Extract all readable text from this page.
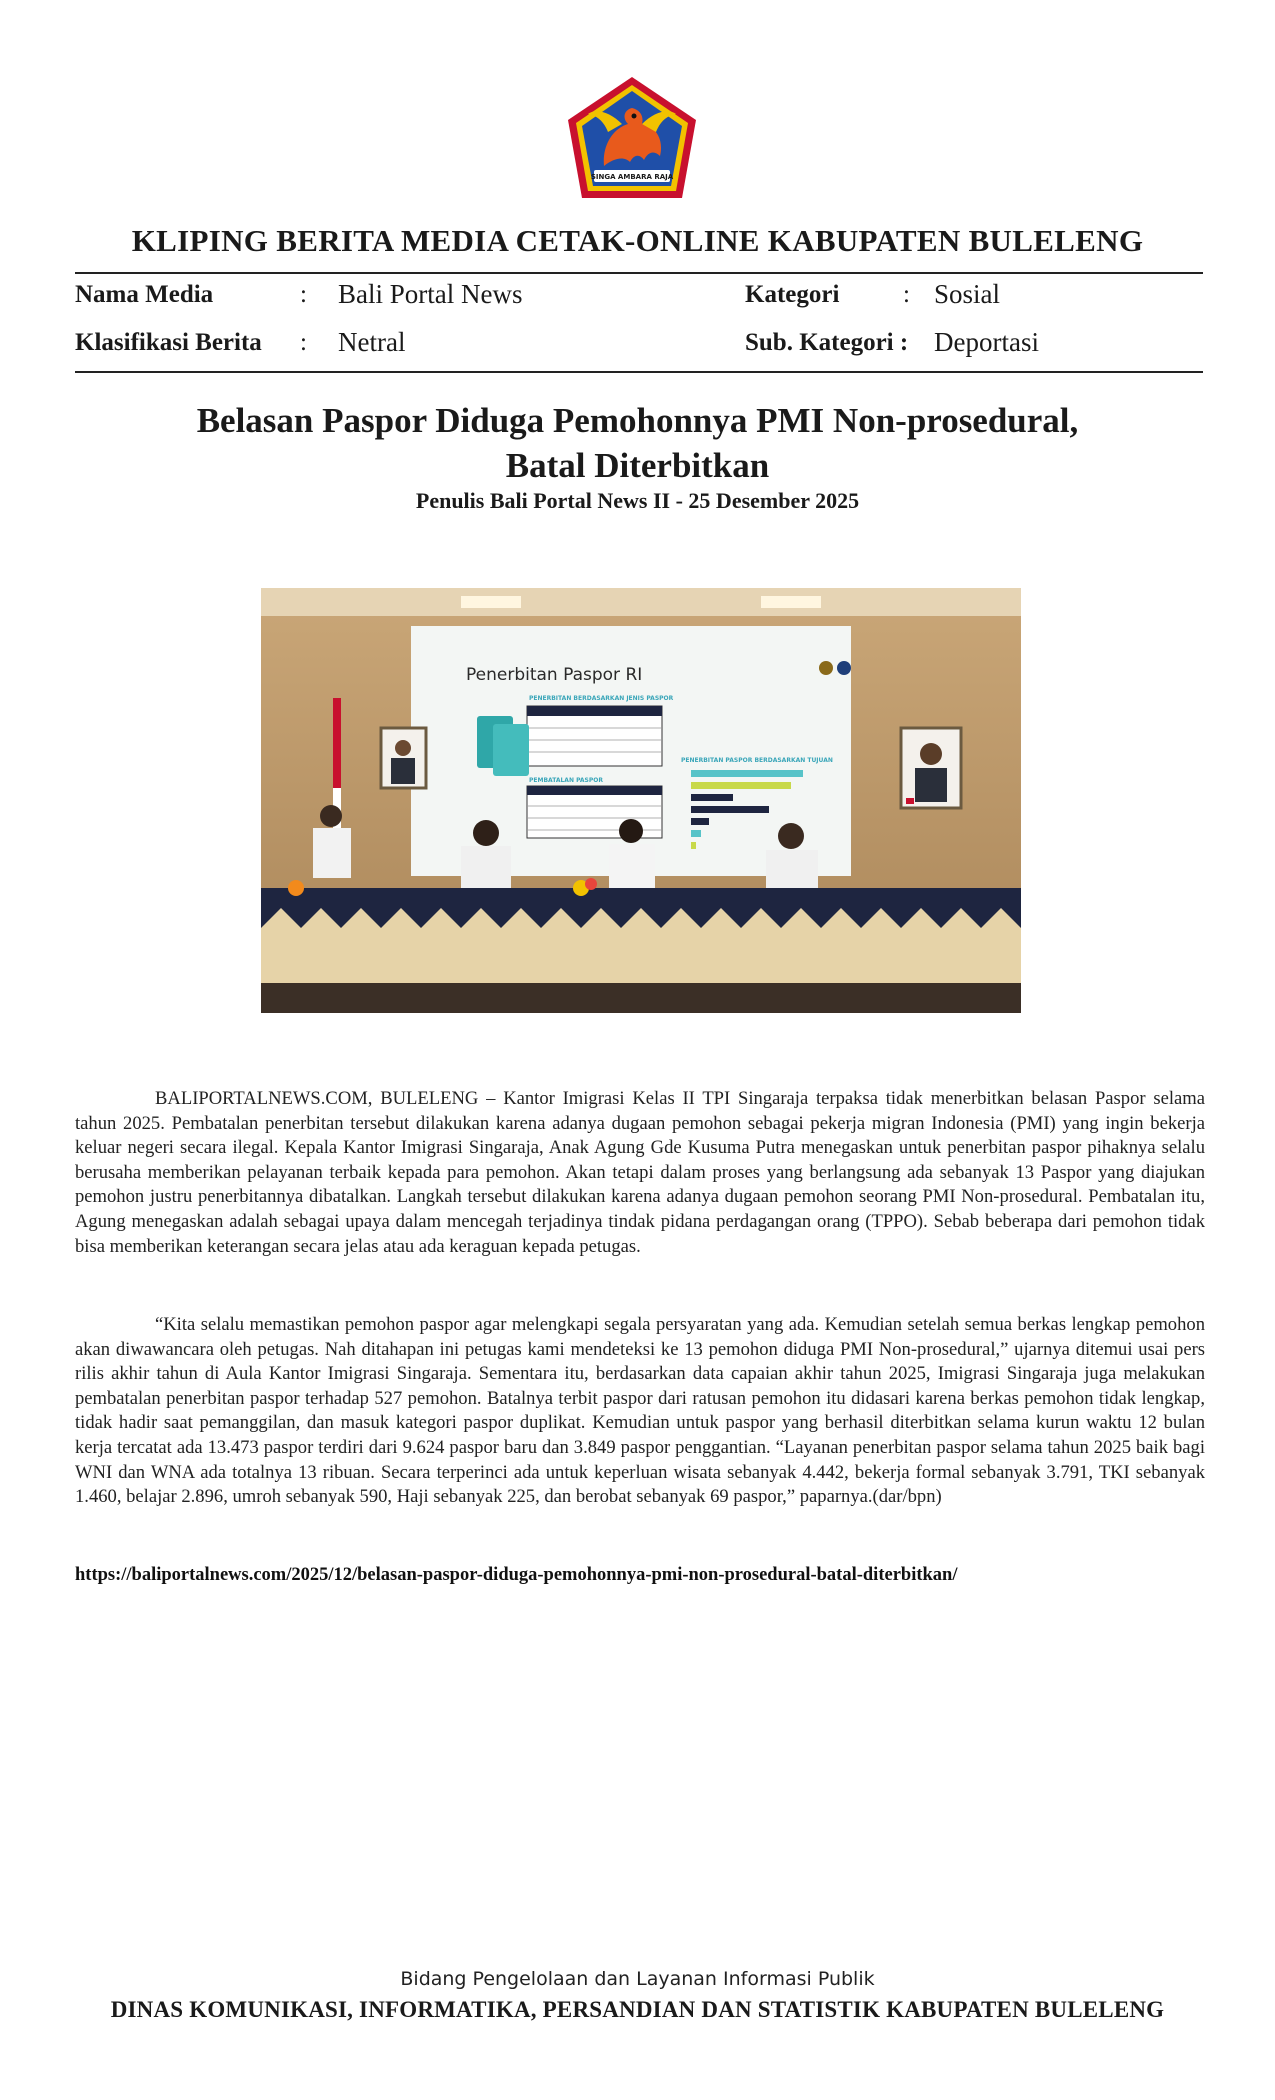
SINGA AMBARA RAJA
KLIPING BERITA MEDIA CETAK-ONLINE KABUPATEN BULELENG
Nama Media	: Bali Portal News	Kategori	: Sosial
Klasifikasi Berita : Netral	Sub. Kategori : Deportasi
Belasan Paspor Diduga Pemohonnya PMI Non-prosedural,
Batal Diterbitkan
Penulis Bali Portal News II - 25 Desember 2025
Penerbitan Paspor RI
PENERBITAN BERDASARKAN JENIS PASPOR
PEMBATALAN PASPOR
PENERBITAN PASPOR BERDASARKAN TUJUAN
BALIPORTALNEWS.COM, BULELENG – Kantor Imigrasi Kelas II TPI Singaraja terpaksa tidak menerbitkan belasan Paspor selama tahun 2025. Pembatalan penerbitan tersebut dilakukan karena adanya dugaan pemohon sebagai pekerja migran Indonesia (PMI) yang ingin bekerja keluar negeri secara ilegal. Kepala Kantor Imigrasi Singaraja, Anak Agung Gde Kusuma Putra menegaskan untuk penerbitan paspor pihaknya selalu berusaha memberikan pelayanan terbaik kepada para pemohon. Akan tetapi dalam proses yang berlangsung ada sebanyak 13 Paspor yang diajukan pemohon justru penerbitannya dibatalkan. Langkah tersebut dilakukan karena adanya dugaan pemohon seorang PMI Non-prosedural. Pembatalan itu, Agung menegaskan adalah sebagai upaya dalam mencegah terjadinya tindak pidana perdagangan orang (TPPO). Sebab beberapa dari pemohon tidak bisa memberikan keterangan secara jelas atau ada keraguan kepada petugas.
“Kita selalu memastikan pemohon paspor agar melengkapi segala persyaratan yang ada. Kemudian setelah semua berkas lengkap pemohon akan diwawancara oleh petugas. Nah ditahapan ini petugas kami mendeteksi ke 13 pemohon diduga PMI Non-prosedural,” ujarnya ditemui usai pers rilis akhir tahun di Aula Kantor Imigrasi Singaraja. Sementara itu, berdasarkan data capaian akhir tahun 2025, Imigrasi Singaraja juga melakukan pembatalan penerbitan paspor terhadap 527 pemohon. Batalnya terbit paspor dari ratusan pemohon itu didasari karena berkas pemohon tidak lengkap, tidak hadir saat pemanggilan, dan masuk kategori paspor duplikat. Kemudian untuk paspor yang berhasil diterbitkan selama kurun waktu 12 bulan kerja tercatat ada 13.473 paspor terdiri dari 9.624 paspor baru dan 3.849 paspor penggantian. “Layanan penerbitan paspor selama tahun 2025 baik bagi WNI dan WNA ada totalnya 13 ribuan. Secara terperinci ada untuk keperluan wisata sebanyak 4.442, bekerja formal sebanyak 3.791, TKI sebanyak 1.460, belajar 2.896, umroh sebanyak 590, Haji sebanyak 225, dan berobat sebanyak 69 paspor,” paparnya.(dar/bpn)
https://baliportalnews.com/2025/12/belasan-paspor-diduga-pemohonnya-pmi-non-prosedural-batal-diterbitkan/
Bidang Pengelolaan dan Layanan Informasi Publik
DINAS KOMUNIKASI, INFORMATIKA, PERSANDIAN DAN STATISTIK KABUPATEN BULELENG
